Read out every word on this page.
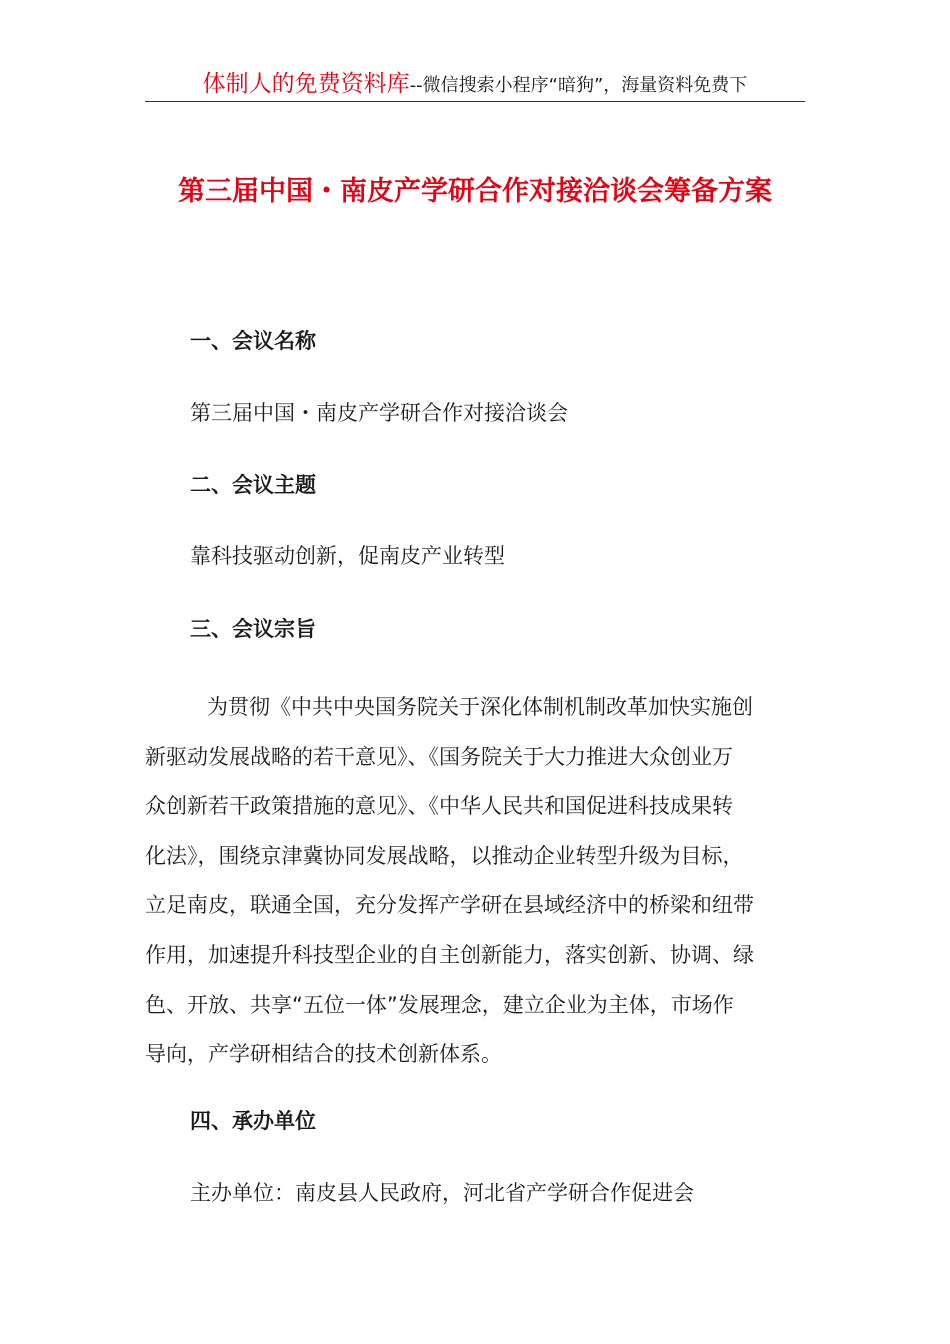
体制人的免费资料库--微信搜索小程序“暗狗”，海量资料免费下
第三届中国・南皮产学研合作对接洽谈会筹备方案
一、会议名称
第三届中国・南皮产学研合作对接洽谈会
二、会议主题
靠科技驱动创新，促南皮产业转型
三、会议宗旨
为贯彻《中共中央国务院关于深化体制机制改革加快实施创
新驱动发展战略的若干意见》、《国务院关于大力推进大众创业万
众创新若干政策措施的意见》、《中华人民共和国促进科技成果转
化法》，围绕京津冀协同发展战略，以推动企业转型升级为目标，
立足南皮，联通全国，充分发挥产学研在县域经济中的桥梁和纽带
作用，加速提升科技型企业的自主创新能力，落实创新、协调、绿
色、开放、共享“五位一体”发展理念，建立企业为主体，市场作
导向，产学研相结合的技术创新体系。
四、承办单位
主办单位：南皮县人民政府，河北省产学研合作促进会
